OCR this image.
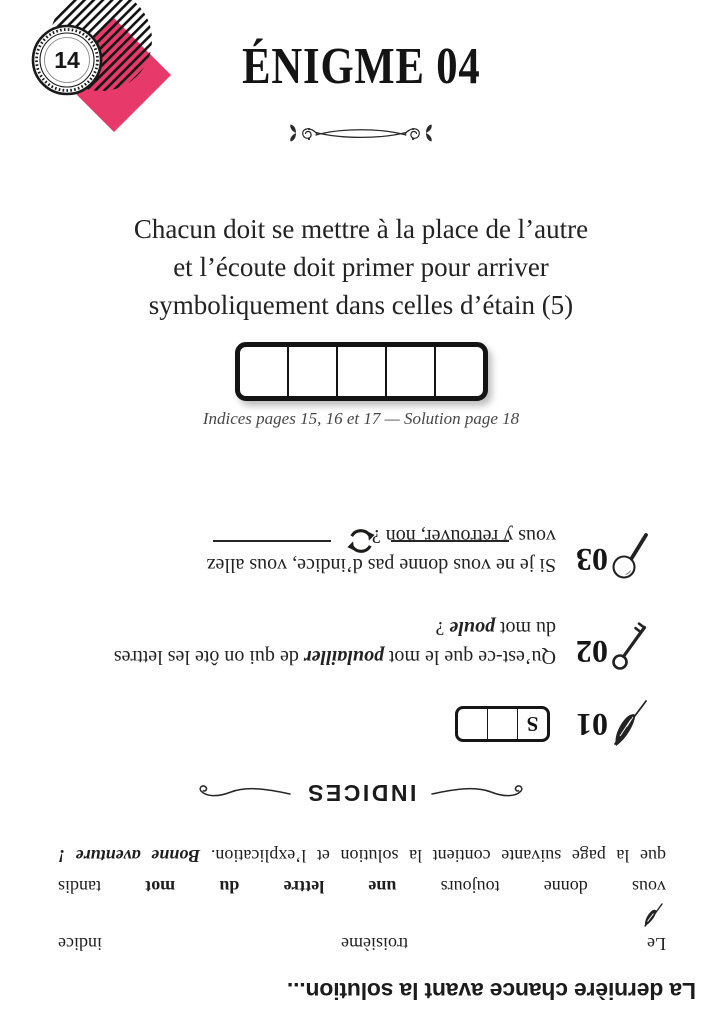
14	ÉNIGME 04
Chacun doit se mettre à la place de l’autre
et l’écoute doit primer pour arriver
symboliquement dans celles d’étain (5)

Indices pages 15, 16 et 17 — Solution page 18

La dernière chance avant la solution...

Le troisième indice
vous donne toujours une lettre du mot tandis
que la page suivante contient la solution et l’explication. Bonne aventure !

INDICES
01
S
02
Qu’est-ce que le mot poulailler de qui on ôte les lettres
du mot poule ?
03
Si je ne vous donne pas d’indice, vous allez
vous y retrouver, non ?
